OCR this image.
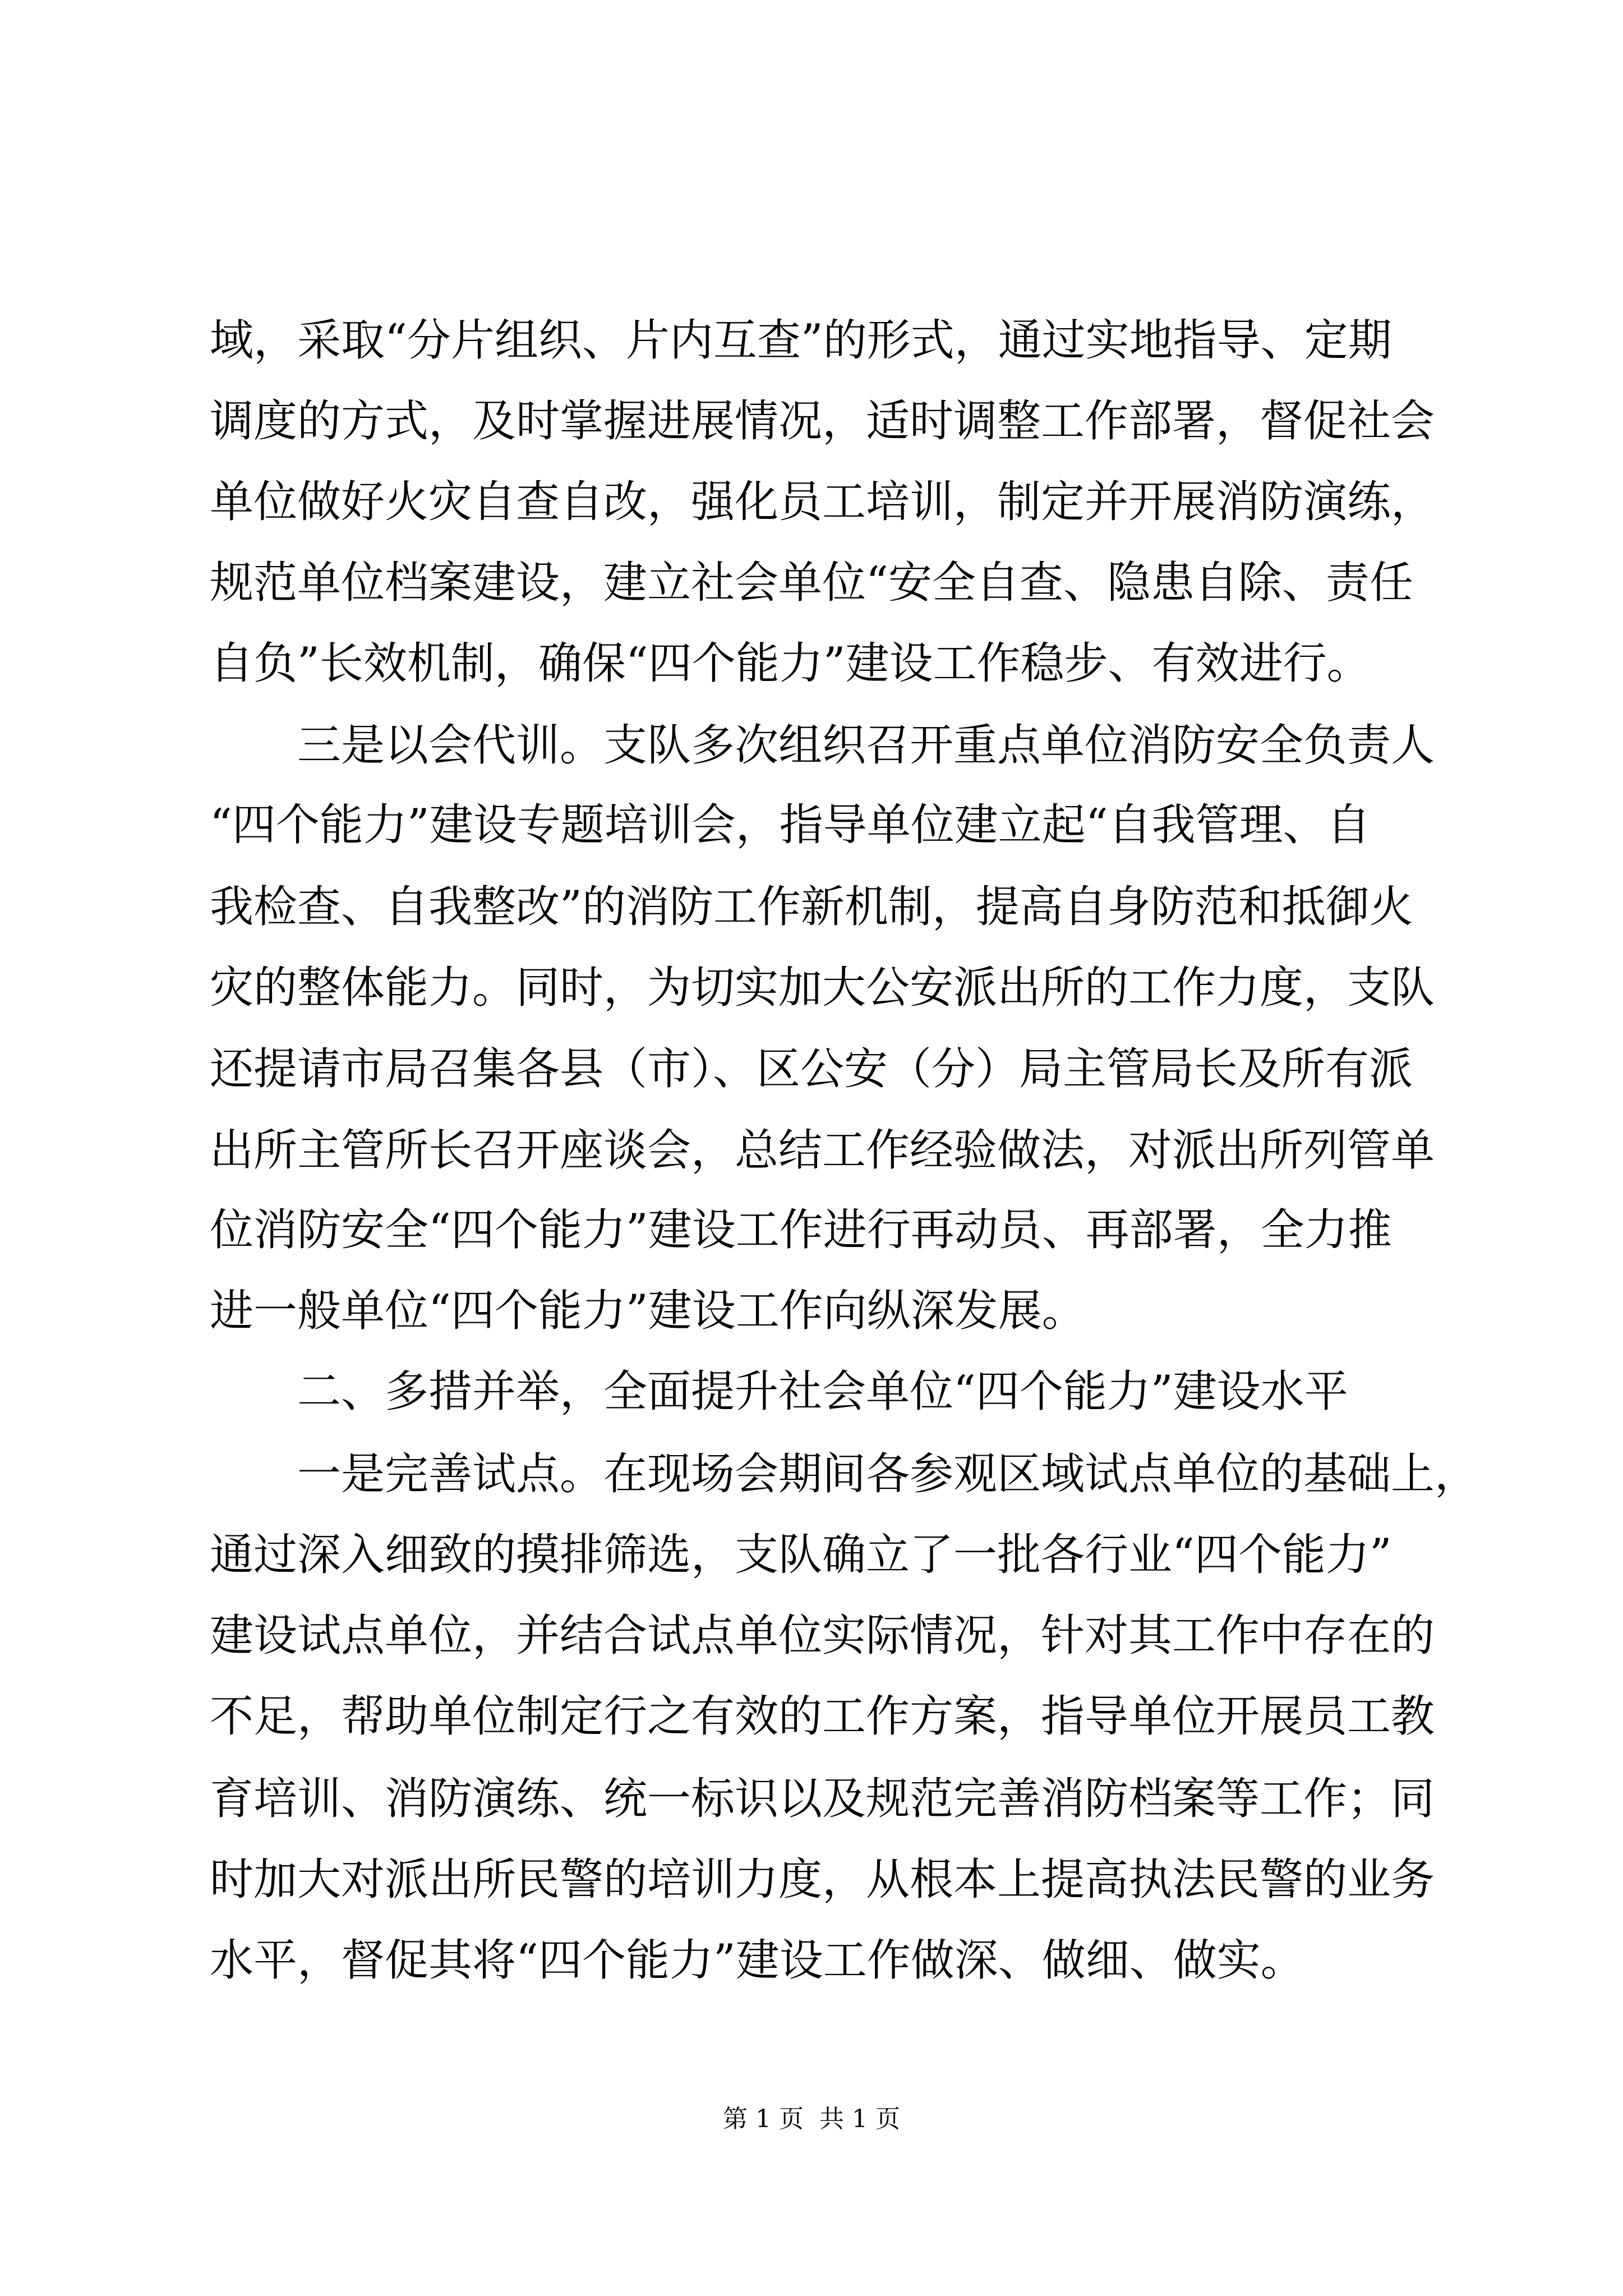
域，采取“分片组织、片内互查”的形式，通过实地指导、定期

调度的方式，及时掌握进展情况，适时调整工作部署，督促社会

单位做好火灾自查自改，强化员工培训，制定并开展消防演练，

规范单位档案建设，建立社会单位“安全自查、隐患自除、责任

自负”长效机制，确保“四个能力”建设工作稳步、有效进行。

三是以会代训。支队多次组织召开重点单位消防安全负责人

“四个能力”建设专题培训会，指导单位建立起“自我管理、自

我检查、自我整改”的消防工作新机制，提高自身防范和抵御火

灾的整体能力。同时，为切实加大公安派出所的工作力度，支队

还提请市局召集各县（市）、区公安（分）局主管局长及所有派

出所主管所长召开座谈会，总结工作经验做法，对派出所列管单

位消防安全“四个能力”建设工作进行再动员、再部署，全力推

进一般单位“四个能力”建设工作向纵深发展。

二、多措并举，全面提升社会单位“四个能力”建设水平

一是完善试点。在现场会期间各参观区域试点单位的基础上，

通过深入细致的摸排筛选，支队确立了一批各行业“四个能力”

建设试点单位，并结合试点单位实际情况，针对其工作中存在的

不足，帮助单位制定行之有效的工作方案，指导单位开展员工教

育培训、消防演练、统一标识以及规范完善消防档案等工作；同

时加大对派出所民警的培训力度，从根本上提高执法民警的业务

水平，督促其将“四个能力”建设工作做深、做细、做实。

第 1 页  共 1 页
